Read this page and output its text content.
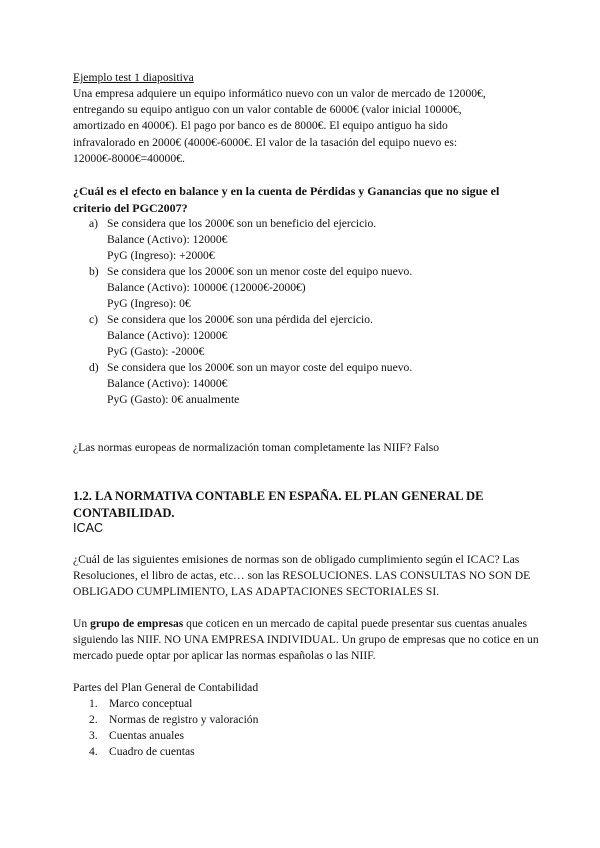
Ejemplo test 1 diapositiva
Una empresa adquiere un equipo informático nuevo con un valor de mercado de 12000€, entregando su equipo antiguo con un valor contable de 6000€ (valor inicial 10000€, amortizado en 4000€). El pago por banco es de 8000€. El equipo antiguo ha sido infravalorado en 2000€ (4000€-6000€. El valor de la tasación del equipo nuevo es: 12000€-8000€=40000€.
¿Cuál es el efecto en balance y en la cuenta de Pérdidas y Ganancias que no sigue el criterio del PGC2007?
a) Se considera que los 2000€ son un beneficio del ejercicio.
Balance (Activo): 12000€
PyG (Ingreso): +2000€
b) Se considera que los 2000€ son un menor coste del equipo nuevo.
Balance (Activo): 10000€ (12000€-2000€)
PyG (Ingreso): 0€
c) Se considera que los 2000€ son una pérdida del ejercicio.
Balance (Activo): 12000€
PyG (Gasto): -2000€
d) Se considera que los 2000€ son un mayor coste del equipo nuevo.
Balance (Activo): 14000€
PyG (Gasto): 0€ anualmente
¿Las normas europeas de normalización toman completamente las NIIF? Falso
1.2. LA NORMATIVA CONTABLE EN ESPAÑA. EL PLAN GENERAL DE CONTABILIDAD.
ICAC
¿Cuál de las siguientes emisiones de normas son de obligado cumplimiento según el ICAC? Las Resoluciones, el libro de actas, etc… son las RESOLUCIONES. LAS CONSULTAS NO SON DE OBLIGADO CUMPLIMIENTO, LAS ADAPTACIONES SECTORIALES SI.
Un grupo de empresas que coticen en un mercado de capital puede presentar sus cuentas anuales siguiendo las NIIF. NO UNA EMPRESA INDIVIDUAL. Un grupo de empresas que no cotice en un mercado puede optar por aplicar las normas españolas o las NIIF.
Partes del Plan General de Contabilidad
1. Marco conceptual
2. Normas de registro y valoración
3. Cuentas anuales
4. Cuadro de cuentas
